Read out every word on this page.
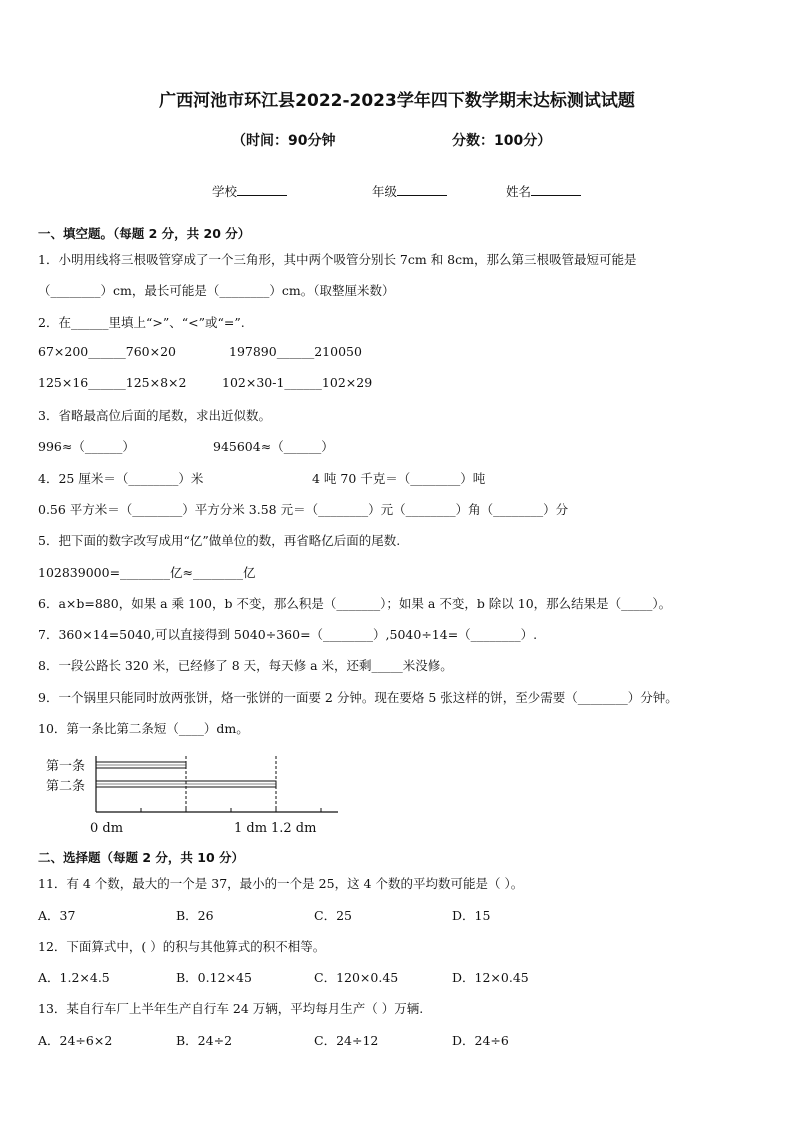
广西河池市环江县2022-2023学年四下数学期末达标测试试题
（时间：90分钟	分数：100分）
学校	年级	姓名
一、填空题。（每题 2 分，共 20 分）
1．小明用线将三根吸管穿成了一个三角形，其中两个吸管分别长 7cm 和 8cm，那么第三根吸管最短可能是
（________）cm，最长可能是（________）cm。（取整厘米数）
2．在______里填上“>”、“<”或“=”.
67×200______760×20	197890______210050
125×16______125×8×2	102×30-1______102×29
3．省略最高位后面的尾数，求出近似数。
996≈（______）	945604≈（______）
4．25 厘米＝（________）米	4 吨 70 千克＝（________）吨
0.56 平方米＝（________）平方分米 3.58 元＝（________）元（________）角（________）分
5．把下面的数字改写成用“亿”做单位的数，再省略亿后面的尾数.
102839000=________亿≈________亿
6．a×b=880，如果 a 乘 100，b 不变，那么积是（_______）；如果 a 不变，b 除以 10，那么结果是（_____）。
7．360×14=5040,可以直接得到 5040÷360=（________）,5040÷14=（________）.
8．一段公路长 320 米，已经修了 8 天，每天修 a 米，还剩_____米没修。
9．一个锅里只能同时放两张饼，烙一张饼的一面要 2 分钟。现在要烙 5 张这样的饼，至少需要（________）分钟。
10．第一条比第二条短（____）dm。
第一条
第二条
0 dm	1 dm 1.2 dm
二、选择题（每题 2 分，共 10 分）
11．有 4 个数，最大的一个是 37，最小的一个是 25，这 4 个数的平均数可能是（ ）。
A．37	B．26	C．25	D．15
12．下面算式中，( ）的积与其他算式的积不相等。
A．1.2×4.5	B．0.12×45	C．120×0.45	D．12×0.45
13．某自行车厂上半年生产自行车 24 万辆，平均每月生产（ ）万辆.
A．24÷6×2	B．24÷2	C．24÷12	D．24÷6
